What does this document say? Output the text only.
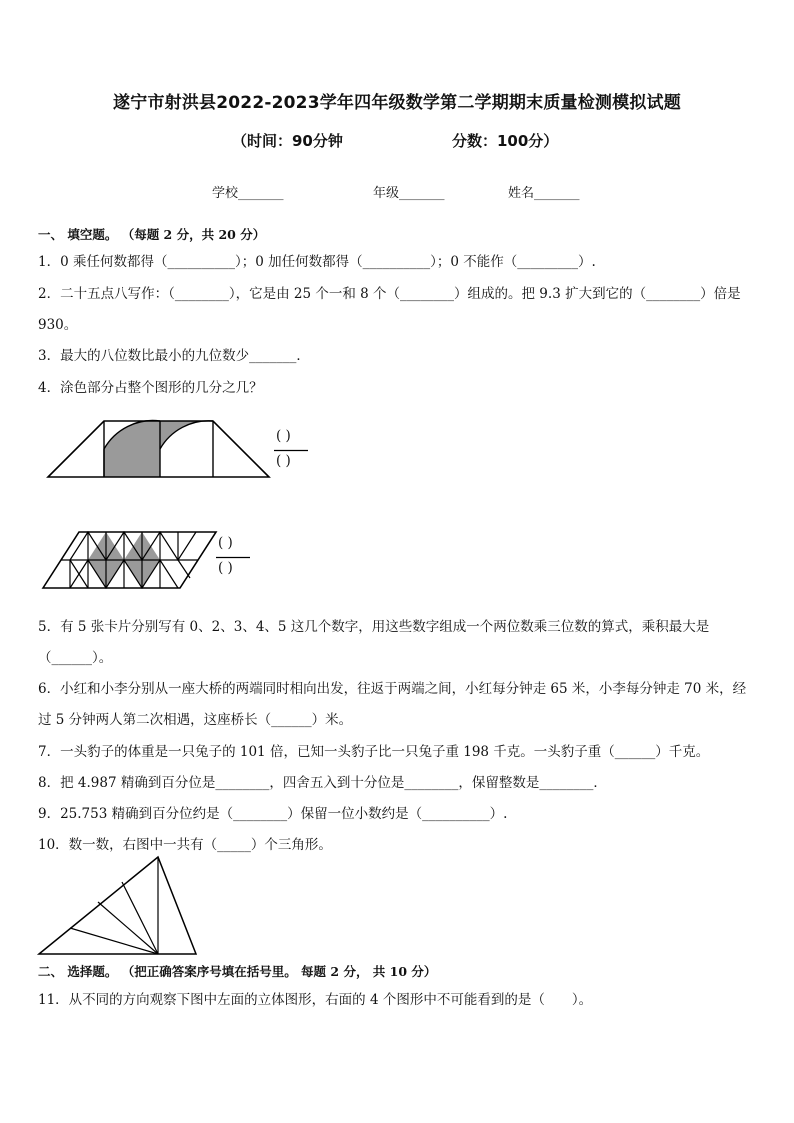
遂宁市射洪县2022-2023学年四年级数学第二学期期末质量检测模拟试题
（时间：90分钟	分数：100分）
学校_______	年级_______	姓名_______
一、 填空题。 （每题 2 分，共 20 分）
1．0 乘任何数都得（__________）；0 加任何数都得（__________）；0 不能作（_________）.
2．二十五点八写作：（________），它是由 25 个一和 8 个（________）组成的。把 9.3 扩大到它的（________）倍是
930。
3．最大的八位数比最小的九位数少_______．
4．涂色部分占整个图形的几分之几？
( )
( )
( )
( )
5．有 5 张卡片分别写有 0、2、3、4、5 这几个数字，用这些数字组成一个两位数乘三位数的算式，乘积最大是
（______）。
6．小红和小李分别从一座大桥的两端同时相向出发，往返于两端之间，小红每分钟走 65 米，小李每分钟走 70 米，经
过 5 分钟两人第二次相遇，这座桥长（______）米。
7．一头豹子的体重是一只兔子的 101 倍，已知一头豹子比一只兔子重 198 千克。一头豹子重（______）千克。
8．把 4.987 精确到百分位是________，四舍五入到十分位是________，保留整数是________．
9．25.753 精确到百分位约是（________）保留一位小数约是（__________）.
10．数一数，右图中一共有（_____）个三角形。
二、 选择题。 （把正确答案序号填在括号里。 每题 2 分， 共 10 分）
11．从不同的方向观察下图中左面的立体图形，右面的 4 个图形中不可能看到的是（　　）。
